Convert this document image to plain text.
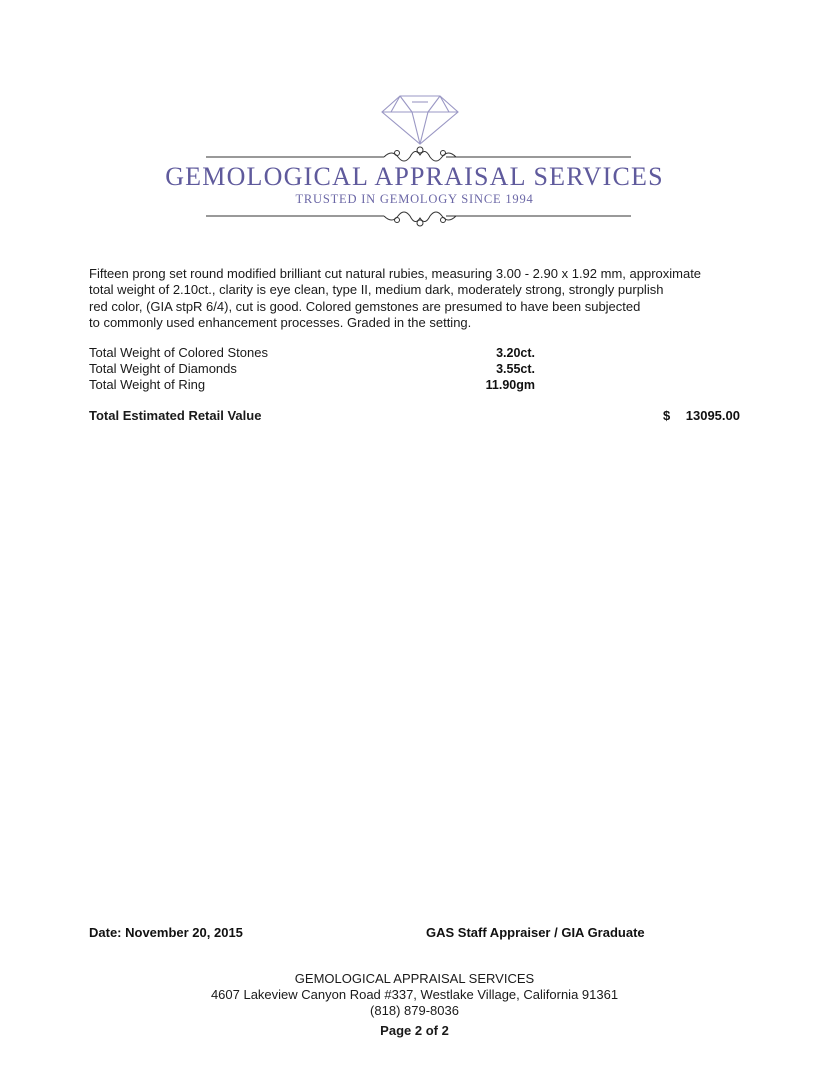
GEMOLOGICAL APPRAISAL SERVICES
TRUSTED IN GEMOLOGY SINCE 1994
Fifteen prong set round modified brilliant cut natural rubies, measuring 3.00 - 2.90 x 1.92 mm, approximate
total weight of 2.10ct., clarity is eye clean, type II, medium dark, moderately strong, strongly purplish
red color, (GIA stpR 6/4), cut is good. Colored gemstones are presumed to have been subjected
to commonly used enhancement processes. Graded in the setting.
Total Weight of Colored Stones	3.20ct.
Total Weight of Diamonds	3.55ct.
Total Weight of Ring	11.90gm
Total Estimated Retail Value	$	13095.00
Date: November 20, 2015	GAS Staff Appraiser / GIA Graduate
GEMOLOGICAL APPRAISAL SERVICES
4607 Lakeview Canyon Road #337, Westlake Village, California 91361
(818) 879-8036
Page 2 of 2
